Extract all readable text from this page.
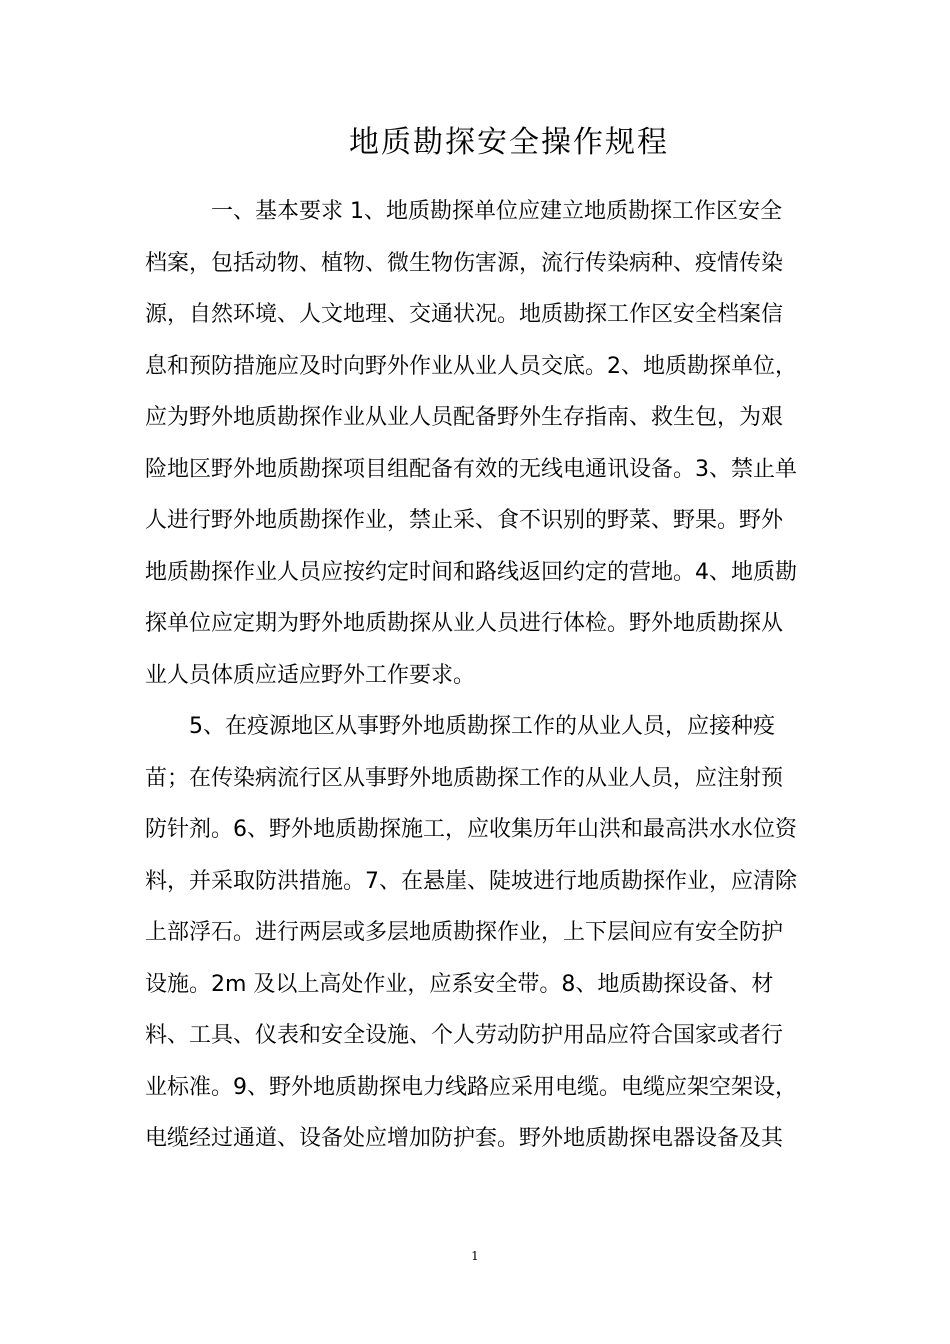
地质勘探安全操作规程

一、基本要求 1、地质勘探单位应建立地质勘探工作区安全

档案，包括动物、植物、微生物伤害源，流行传染病种、疫情传染

源，自然环境、人文地理、交通状况。地质勘探工作区安全档案信

息和预防措施应及时向野外作业从业人员交底。2、地质勘探单位，

应为野外地质勘探作业从业人员配备野外生存指南、救生包，为艰

险地区野外地质勘探项目组配备有效的无线电通讯设备。3、禁止单

人进行野外地质勘探作业，禁止采、食不识别的野菜、野果。野外

地质勘探作业人员应按约定时间和路线返回约定的营地。4、地质勘

探单位应定期为野外地质勘探从业人员进行体检。野外地质勘探从

业人员体质应适应野外工作要求。

5、在疫源地区从事野外地质勘探工作的从业人员，应接种疫

苗；在传染病流行区从事野外地质勘探工作的从业人员，应注射预

防针剂。6、野外地质勘探施工，应收集历年山洪和最高洪水水位资

料，并采取防洪措施。7、在悬崖、陡坡进行地质勘探作业，应清除

上部浮石。进行两层或多层地质勘探作业，上下层间应有安全防护

设施。2m 及以上高处作业，应系安全带。8、地质勘探设备、材

料、工具、仪表和安全设施、个人劳动防护用品应符合国家或者行

业标准。9、野外地质勘探电力线路应采用电缆。电缆应架空架设，

电缆经过通道、设备处应增加防护套。野外地质勘探电器设备及其

1
